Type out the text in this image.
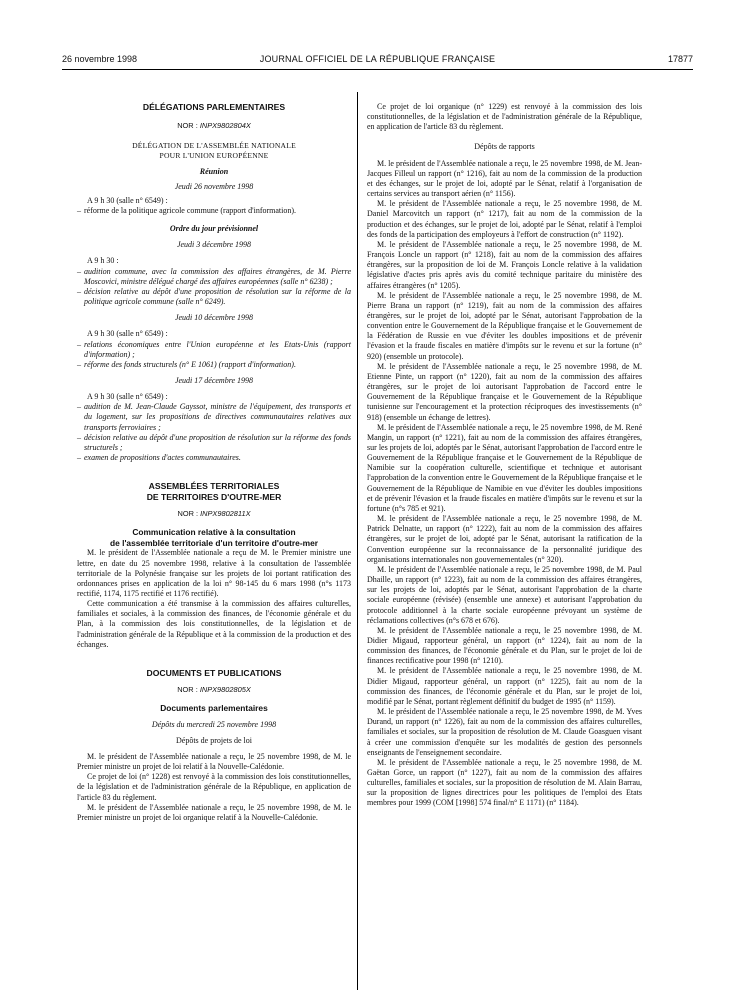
26 novembre 1998	JOURNAL OFFICIEL DE LA RÉPUBLIQUE FRANÇAISE	17877
DÉLÉGATIONS PARLEMENTAIRES
NOR : INPX9802804X
DÉLÉGATION DE L'ASSEMBLÉE NATIONALE
POUR L'UNION EUROPÉENNE
Réunion
Jeudi 26 novembre 1998

A 9 h 30 (salle n° 6549) :

– réforme de la politique agricole commune (rapport d'information).
Ordre du jour prévisionnel
Jeudi 3 décembre 1998

A 9 h 30 :

– audition commune, avec la commission des affaires étrangères, de M. Pierre Moscovici, ministre délégué chargé des affaires européennes (salle n° 6238) ;
– décision relative au dépôt d'une proposition de résolution sur la réforme de la politique agricole commune (salle n° 6249).
Jeudi 10 décembre 1998

A 9 h 30 (salle n° 6549) :

– relations économiques entre l'Union européenne et les Etats-Unis (rapport d'information) ;
– réforme des fonds structurels (n° E 1061) (rapport d'information).
Jeudi 17 décembre 1998

A 9 h 30 (salle n° 6549) :

– audition de M. Jean-Claude Gayssot, ministre de l'équipement, des transports et du logement, sur les propositions de directives communautaires relatives aux transports ferroviaires ;
– décision relative au dépôt d'une proposition de résolution sur la réforme des fonds structurels ;
– examen de propositions d'actes communautaires.
ASSEMBLÉES TERRITORIALES
DE TERRITOIRES D'OUTRE-MER
NOR : INPX9802811X
Communication relative à la consultation
de l'assemblée territoriale d'un territoire d'outre-mer

M. le président de l'Assemblée nationale a reçu de M. le Premier ministre une lettre, en date du 25 novembre 1998, relative à la consultation de l'assemblée territoriale de la Polynésie française sur les projets de loi portant ratification des ordonnances prises en application de la loi n° 98-145 du 6 mars 1998 (n°s 1173 rectifié, 1174, 1175 rectifié et 1176 rectifié).

Cette communication a été transmise à la commission des affaires culturelles, familiales et sociales, à la commission des finances, de l'économie générale et du Plan, à la commission des lois constitutionnelles, de la législation et de l'administration générale de la République et à la commission de la production et des échanges.

DOCUMENTS ET PUBLICATIONS
NOR : INPX9802805X
Documents parlementaires
Dépôts du mercredi 25 novembre 1998
Dépôts de projets de loi

M. le président de l'Assemblée nationale a reçu, le 25 novembre 1998, de M. le Premier ministre un projet de loi relatif à la Nouvelle-Calédonie.

Ce projet de loi (n° 1228) est renvoyé à la commission des lois constitutionnelles, de la législation et de l'administration générale de la République, en application de l'article 83 du règlement.

M. le président de l'Assemblée nationale a reçu, le 25 novembre 1998, de M. le Premier ministre un projet de loi organique relatif à la Nouvelle-Calédonie.

Ce projet de loi organique (n° 1229) est renvoyé à la commission des lois constitutionnelles, de la législation et de l'administration générale de la République, en application de l'article 83 du règlement.

Dépôts de rapports

M. le président de l'Assemblée nationale a reçu, le 25 novembre 1998, de M. Jean-Jacques Filleul un rapport (n° 1216), fait au nom de la commission de la production et des échanges, sur le projet de loi, adopté par le Sénat, relatif à l'organisation de certains services au transport aérien (n° 1156).

M. le président de l'Assemblée nationale a reçu, le 25 novembre 1998, de M. Daniel Marcovitch un rapport (n° 1217), fait au nom de la commission de la production et des échanges, sur le projet de loi, adopté par le Sénat, relatif à l'emploi des fonds de la participation des employeurs à l'effort de construction (n° 1192).

M. le président de l'Assemblée nationale a reçu, le 25 novembre 1998, de M. François Loncle un rapport (n° 1218), fait au nom de la commission des affaires étrangères, sur la proposition de loi de M. François Loncle relative à la validation législative d'actes pris après avis du comité technique paritaire du ministère des affaires étrangères (n° 1205).

M. le président de l'Assemblée nationale a reçu, le 25 novembre 1998, de M. Pierre Brana un rapport (n° 1219), fait au nom de la commission des affaires étrangères, sur le projet de loi, adopté par le Sénat, autorisant l'approbation de la convention entre le Gouvernement de la République française et le Gouvernement de la Fédération de Russie en vue d'éviter les doubles impositions et de prévenir l'évasion et la fraude fiscales en matière d'impôts sur le revenu et sur la fortune (n° 920) (ensemble un protocole).

M. le président de l'Assemblée nationale a reçu, le 25 novembre 1998, de M. Etienne Pinte, un rapport (n° 1220), fait au nom de la commission des affaires étrangères, sur le projet de loi autorisant l'approbation de l'accord entre le Gouvernement de la République française et le Gouvernement de la République tunisienne sur l'encouragement et la protection réciproques des investissements (n° 918) (ensemble un échange de lettres).

M. le président de l'Assemblée nationale a reçu, le 25 novembre 1998, de M. René Mangin, un rapport (n° 1221), fait au nom de la commission des affaires étrangères, sur les projets de loi, adoptés par le Sénat, autorisant l'approbation de l'accord entre le Gouvernement de la République française et le Gouvernement de la République de Namibie sur la coopération culturelle, scientifique et technique et autorisant l'approbation de la convention entre le Gouvernement de la République française et le Gouvernement de la République de Namibie en vue d'éviter les doubles impositions et de prévenir l'évasion et la fraude fiscales en matière d'impôts sur le revenu et sur la fortune (n°s 785 et 921).

M. le président de l'Assemblée nationale a reçu, le 25 novembre 1998, de M. Patrick Delnatte, un rapport (n° 1222), fait au nom de la commission des affaires étrangères, sur le projet de loi, adopté par le Sénat, autorisant la ratification de la Convention européenne sur la reconnaissance de la personnalité juridique des organisations internationales non gouvernementales (n° 320).

M. le président de l'Assemblée nationale a reçu, le 25 novembre 1998, de M. Paul Dhaille, un rapport (n° 1223), fait au nom de la commission des affaires étrangères, sur les projets de loi, adoptés par le Sénat, autorisant l'approbation de la charte sociale européenne (révisée) (ensemble une annexe) et autorisant l'approbation du protocole additionnel à la charte sociale européenne prévoyant un système de réclamations collectives (n°s 678 et 676).

M. le président de l'Assemblée nationale a reçu, le 25 novembre 1998, de M. Didier Migaud, rapporteur général, un rapport (n° 1224), fait au nom de la commission des finances, de l'économie générale et du Plan, sur le projet de loi de finances rectificative pour 1998 (n° 1210).

M. le président de l'Assemblée nationale a reçu, le 25 novembre 1998, de M. Didier Migaud, rapporteur général, un rapport (n° 1225), fait au nom de la commission des finances, de l'économie générale et du Plan, sur le projet de loi, modifié par le Sénat, portant règlement définitif du budget de 1995 (n° 1159).

M. le président de l'Assemblée nationale a reçu, le 25 novembre 1998, de M. Yves Durand, un rapport (n° 1226), fait au nom de la commission des affaires culturelles, familiales et sociales, sur la proposition de résolution de M. Claude Goasguen visant à créer une commission d'enquête sur les modalités de gestion des personnels enseignants de l'enseignement secondaire.

M. le président de l'Assemblée nationale a reçu, le 25 novembre 1998, de M. Gaëtan Gorce, un rapport (n° 1227), fait au nom de la commission des affaires culturelles, familiales et sociales, sur la proposition de résolution de M. Alain Barrau, sur la proposition de lignes directrices pour les politiques de l'emploi des Etats membres pour 1999 (COM [1998] 574 final/n° E 1171) (n° 1184).
